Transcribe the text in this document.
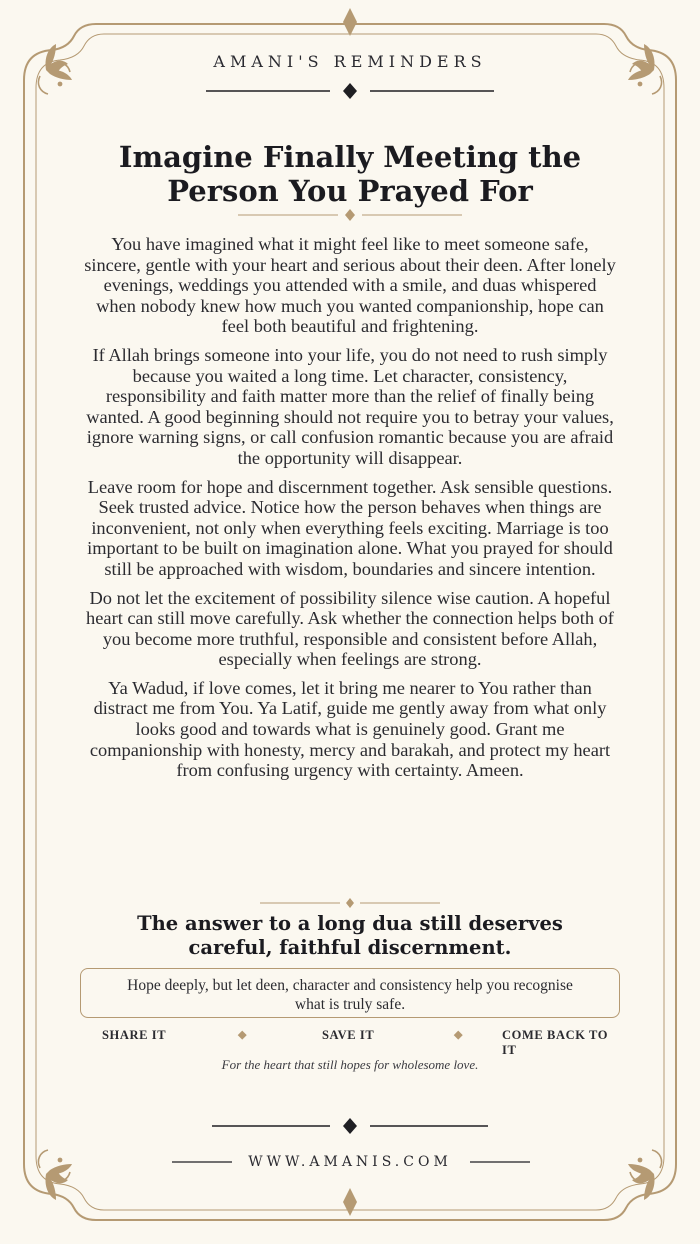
AMANI'S REMINDERS
Imagine Finally Meeting the Person You Prayed For

You have imagined what it might feel like to meet someone safe, sincere, gentle with your heart and serious about their deen. After lonely evenings, weddings you attended with a smile, and duas whispered when nobody knew how much you wanted companionship, hope can feel both beautiful and frightening.

If Allah brings someone into your life, you do not need to rush simply because you waited a long time. Let character, consistency, responsibility and faith matter more than the relief of finally being wanted. A good beginning should not require you to betray your values, ignore warning signs, or call confusion romantic because you are afraid the opportunity will disappear.

Leave room for hope and discernment together. Ask sensible questions. Seek trusted advice. Notice how the person behaves when things are inconvenient, not only when everything feels exciting. Marriage is too important to be built on imagination alone. What you prayed for should still be approached with wisdom, boundaries and sincere intention.

Do not let the excitement of possibility silence wise caution. A hopeful heart can still move carefully. Ask whether the connection helps both of you become more truthful, responsible and consistent before Allah, especially when feelings are strong.

Ya Wadud, if love comes, let it bring me nearer to You rather than distract me from You. Ya Latif, guide me gently away from what only looks good and towards what is genuinely good. Grant me companionship with honesty, mercy and barakah, and protect my heart from confusing urgency with certainty. Ameen.

The answer to a long dua still deserves careful, faithful discernment.
Hope deeply, but let deen, character and consistency help you recognise what is truly safe.
SHARE IT	◆	SAVE IT	◆	COME BACK TO IT
For the heart that still hopes for wholesome love.
WWW.AMANIS.COM
